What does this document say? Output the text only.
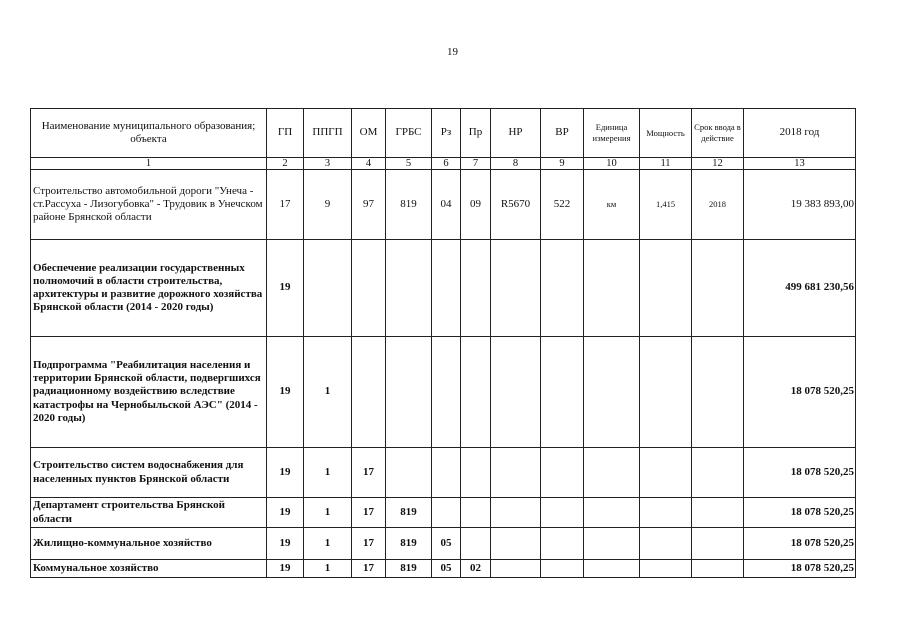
19
Наименование муниципального образования; объекта	ГП	ППГП	ОМ	ГРБС	Рз	Пр	НР	ВР	Единица измерения	Мощность	Срок ввода в действие	2018 год
1	2	3	4	5	6	7	8	9	10	11	12	13
Строительство автомобильной дороги "Унеча - ст.Рассуха - Лизогубовка" - Трудовик в Унечском районе Брянской области	17	9	97	819	04	09	R5670	522	км	1,415	2018	19 383 893,00
Обеспечение реализации государственных полномочий в области строительства, архитектуры и развитие дорожного хозяйства Брянской области (2014 - 2020 годы)	19											499 681 230,56
Подпрограмма "Реабилитация населения и территории Брянской области, подвергшихся радиационному воздействию вследствие катастрофы на Чернобыльской АЭС" (2014 - 2020 годы)	19	1										18 078 520,25
Строительство систем водоснабжения для населенных пунктов Брянской области	19	1	17									18 078 520,25
Департамент строительства Брянской области	19	1	17	819								18 078 520,25
Жилищно-коммунальное хозяйство	19	1	17	819	05							18 078 520,25
Коммунальное хозяйство	19	1	17	819	05	02						18 078 520,25
